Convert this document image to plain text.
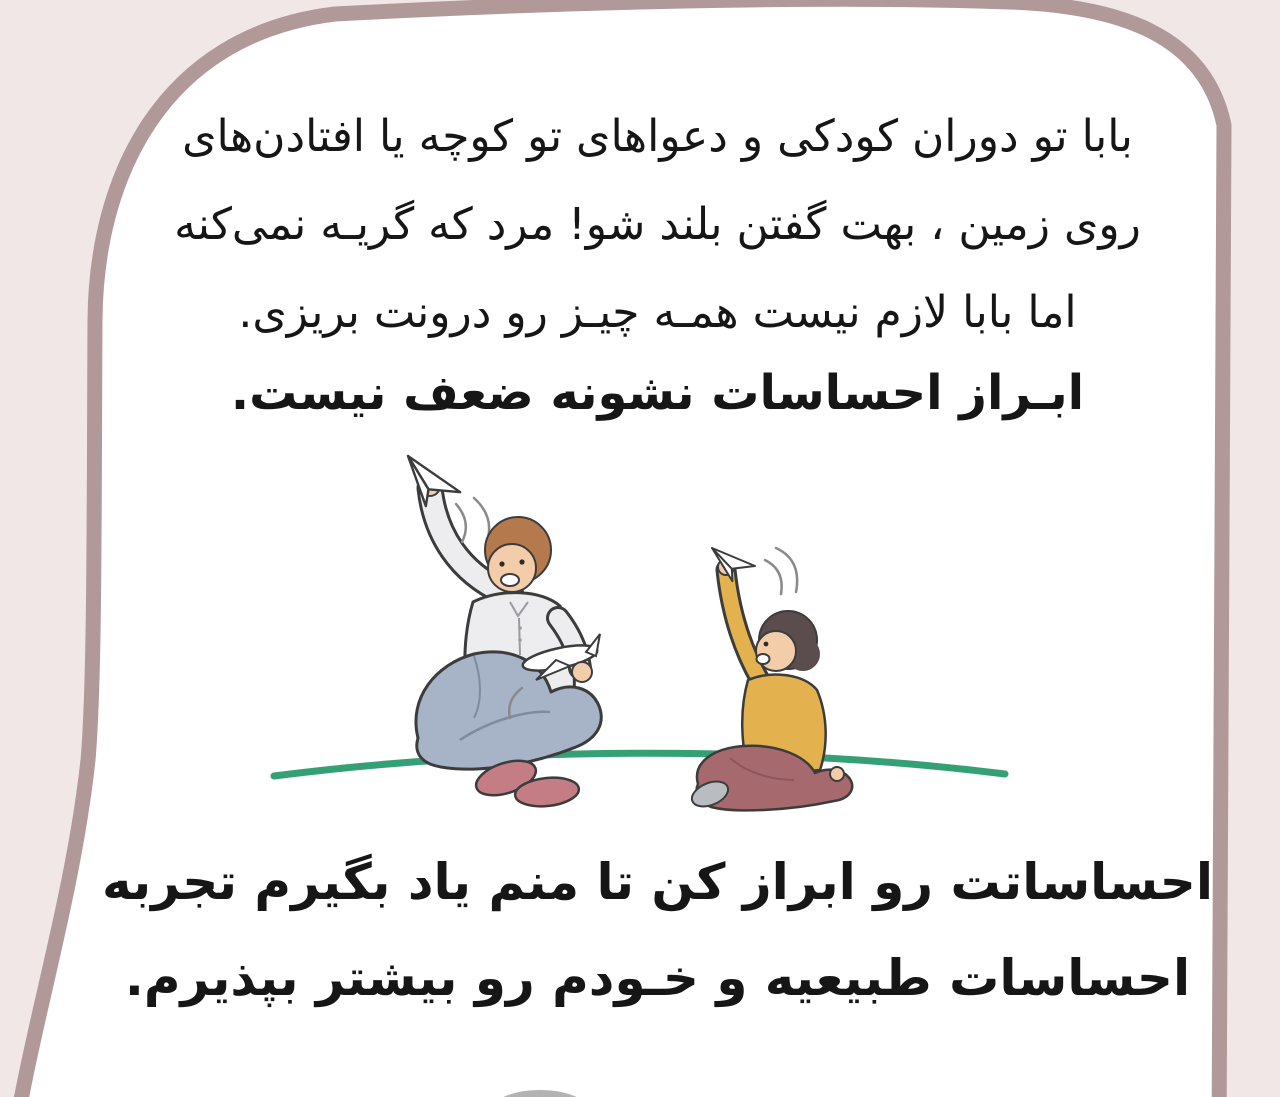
بابا تو دوران کودکی و دعواهای تو کوچه یا افتادن‌های
روی زمین ، بهت گفتن بلند شو! مرد که گریـه نمی‌کنه
اما بابا لازم نیست همـه چیـز رو درونت بریزی.
ابـراز احساسات نشونه ضعف نیست.
احساساتت رو ابراز کن تا منم یاد بگیرم تجربه
احساسات طبیعیه و خـودم رو بیشتر بپذیرم.
